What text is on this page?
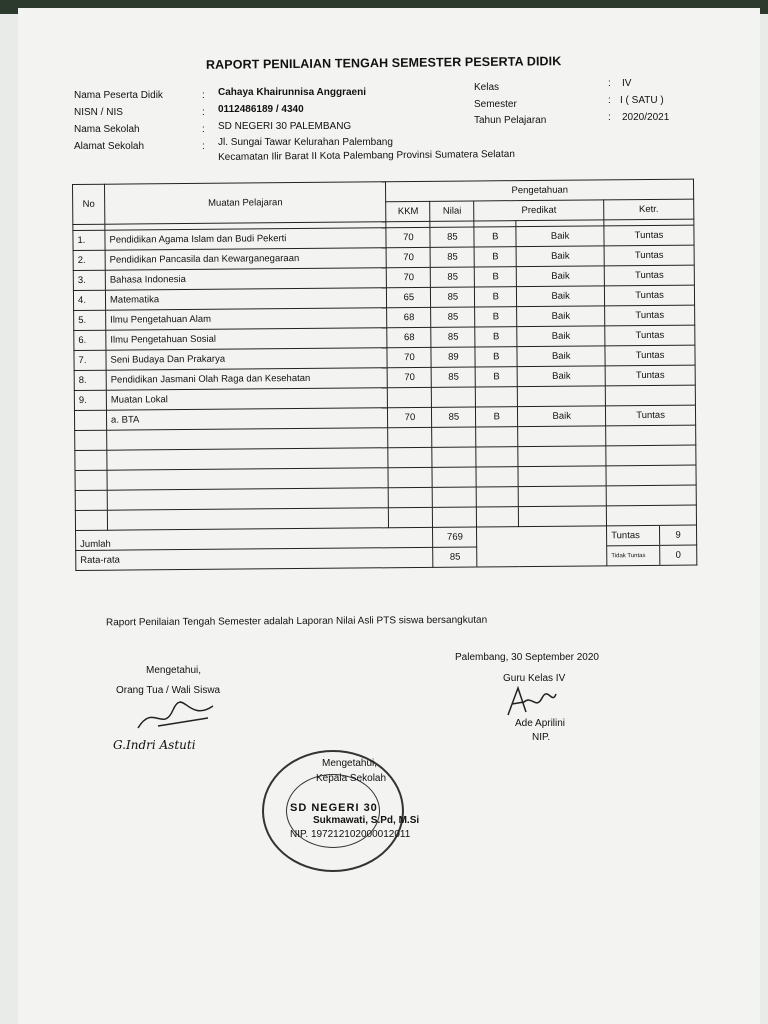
RAPORT PENILAIAN TENGAH SEMESTER PESERTA DIDIK
Nama Peserta Didik	: Cahaya Khairunnisa Anggraeni
NISN / NIS	: 0112486189 / 4340
Nama Sekolah	: SD NEGERI 30 PALEMBANG
Alamat Sekolah	: Jl. Sungai Tawar Kelurahan Palembang
Kecamatan Ilir Barat II Kota Palembang Provinsi Sumatera Selatan
Kelas	: IV
Semester	: I ( SATU )
Tahun Pelajaran	: 2020/2021
No	Muatan Pelajaran	Pengetahuan
KKM	Nilai	Predikat	Ketr.

1.	Pendidikan Agama Islam dan Budi Pekerti	70	85	B	Baik	Tuntas
2.	Pendidikan Pancasila dan Kewarganegaraan	70	85	B	Baik	Tuntas
3.	Bahasa Indonesia	70	85	B	Baik	Tuntas
4.	Matematika	65	85	B	Baik	Tuntas
5.	Ilmu Pengetahuan Alam	68	85	B	Baik	Tuntas
6.	Ilmu Pengetahuan Sosial	68	85	B	Baik	Tuntas
7.	Seni Budaya Dan Prakarya	70	89	B	Baik	Tuntas
8.	Pendidikan Jasmani Olah Raga dan Kesehatan	70	85	B	Baik	Tuntas
9.	Muatan Lokal					
	a. BTA	70	85	B	Baik	Tuntas

Jumlah	769			Tuntas	9

Rata-rata	85		Tidak Tuntas	0
Raport Penilaian Tengah Semester adalah Laporan Nilai Asli PTS siswa bersangkutan
Mengetahui,
Orang Tua / Wali Siswa
G.Indri Astuti
Palembang, 30 September 2020
Guru Kelas IV
Ade Aprilini
NIP.
SD NEGERI 30
Mengetahui,
Kepala Sekolah
Sukmawati, S.Pd, M.Si
NIP. 197212102000012011
